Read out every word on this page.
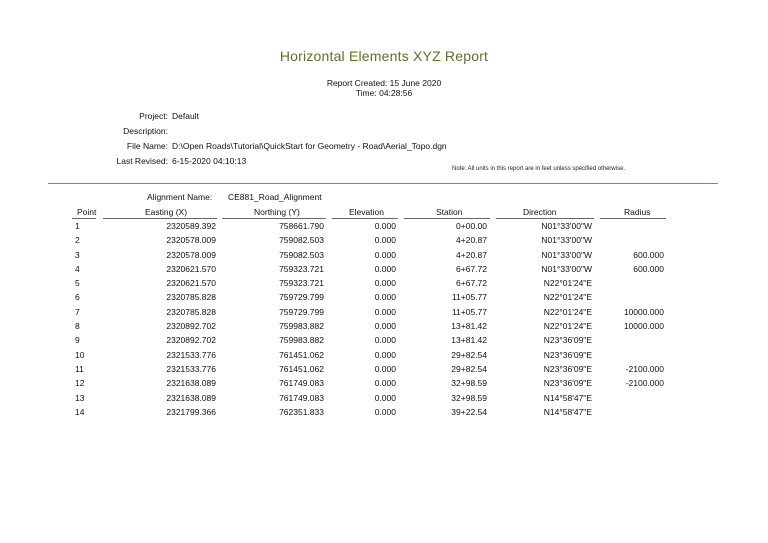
Horizontal Elements XYZ Report
Report Created: 15 June 2020
Time: 04:28:56
Project: Default
Description:
File Name: D:\Open Roads\Tutorial\QuickStart for Geometry - Road\Aerial_Topo.dgn
Last Revised: 6-15-2020 04:10:13
Note: All units in this report are in feet unless specified otherwise.
Alignment Name: CE881_Road_Alignment
Point	Easting (X)	Northing (Y)	Elevation	Station	Direction	Radius
1	2320589.392	758661.790	0.000	0+00.00	N01°33'00"W
2	2320578.009	759082.503	0.000	4+20.87	N01°33'00"W
3	2320578.009	759082.503	0.000	4+20.87	N01°33'00"W	600.000
4	2320621.570	759323.721	0.000	6+67.72	N01°33'00"W	600.000
5	2320621.570	759323.721	0.000	6+67.72	N22°01'24"E
6	2320785.828	759729.799	0.000	11+05.77	N22°01'24"E
7	2320785.828	759729.799	0.000	11+05.77	N22°01'24"E	10000.000
8	2320892.702	759983.882	0.000	13+81.42	N22°01'24"E	10000.000
9	2320892.702	759983.882	0.000	13+81.42	N23°36'09"E
10	2321533.776	761451.062	0.000	29+82.54	N23°36'09"E
11	2321533.776	761451.062	0.000	29+82.54	N23°36'09"E	-2100.000
12	2321638.089	761749.083	0.000	32+98.59	N23°36'09"E	-2100.000
13	2321638.089	761749.083	0.000	32+98.59	N14°58'47"E
14	2321799.366	762351.833	0.000	39+22.54	N14°58'47"E
